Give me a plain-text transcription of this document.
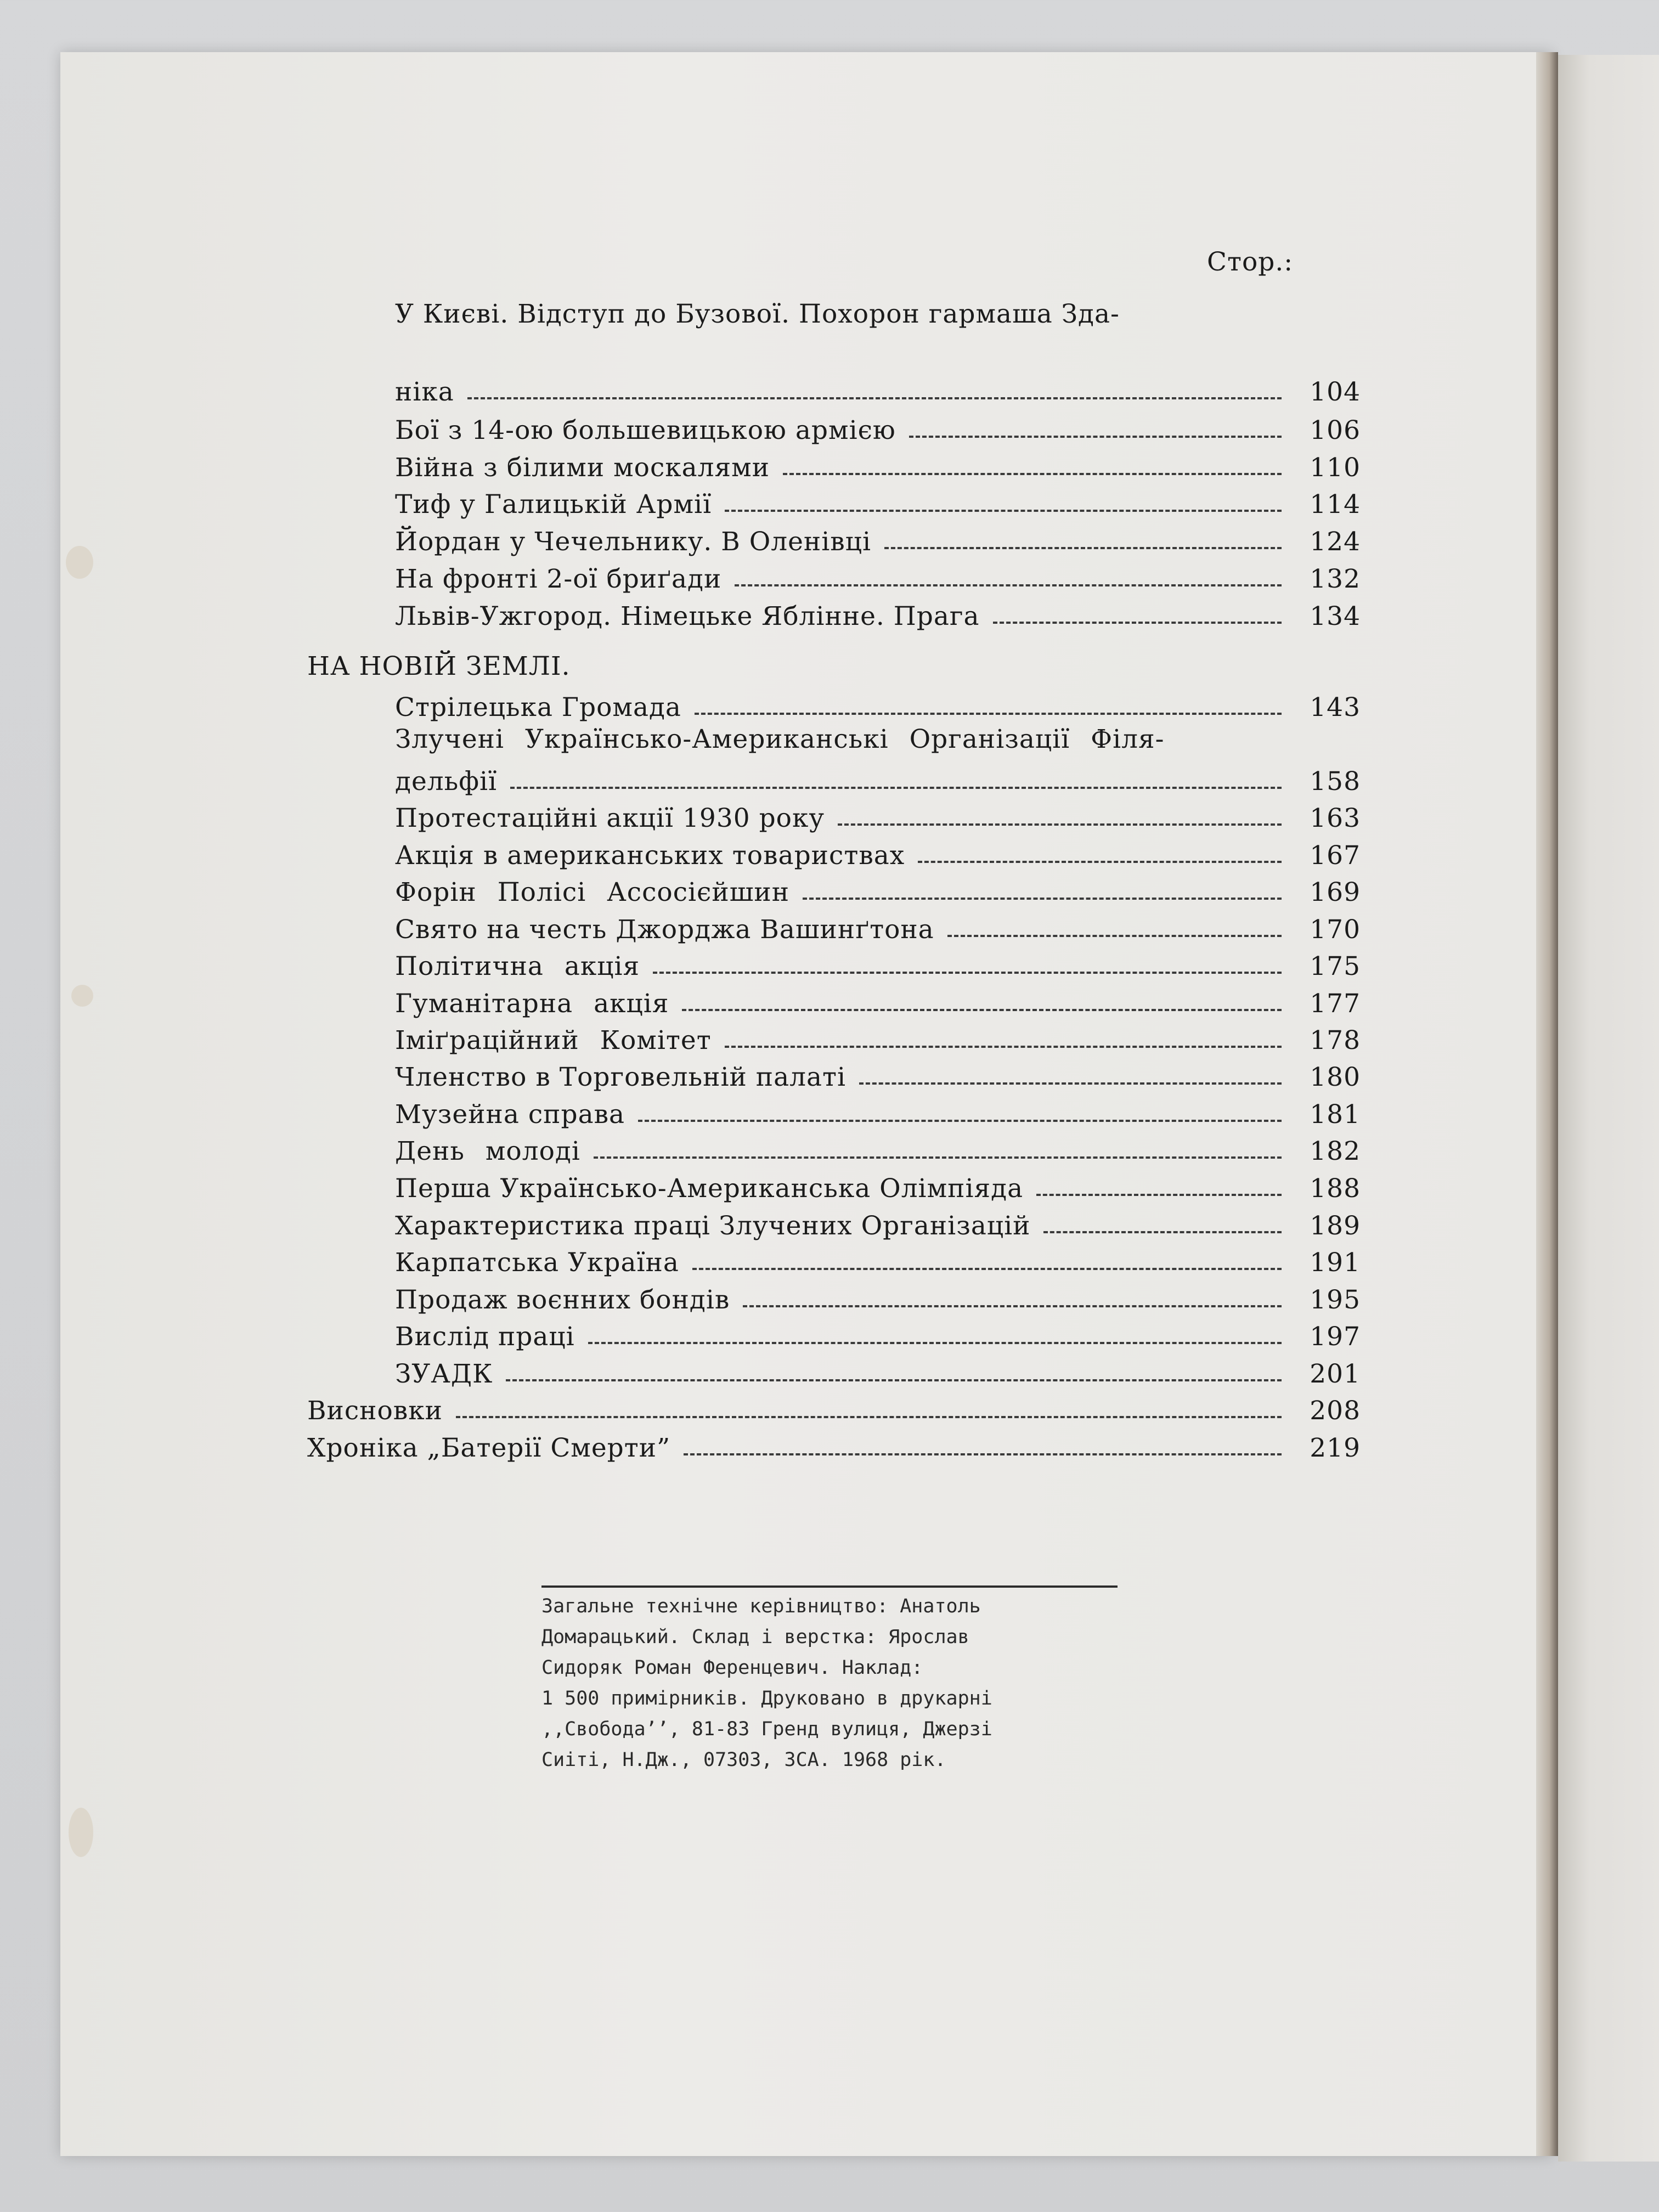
Стор.:
У Києві. Відступ до Бузової. Похорон гармаша Зда-
ніка	104
Бої з 14-ою большевицькою армією	106
Війна з білими москалями	110
Тиф у Галицькій Армії	114
Йордан у Чечельнику. В Оленівці	124
На фронті 2-ої бриґади	132
Львів-Ужгород. Німецьке Яблінне. Прага	134
НА НОВІЙ ЗЕМЛІ.
Стрілецька Громада	143
Злучені Українсько-Американські Організації Філя-
дельфії	158
Протестаційні акції 1930 року	163
Акція в американських товариствах	167
Форін Полісі Ассосієйшин	169
Свято на честь Джорджа Вашинґтона	170
Політична акція	175
Гуманітарна акція	177
Імiґраційний Комітет	178
Членство в Торговельній палаті	180
Музейна справа	181
День молоді	182
Перша Українсько-Американська Олімпіяда	188
Характеристика праці Злучених Організацій	189
Карпатська Україна	191
Продаж воєнних бондів	195
Вислід праці	197
ЗУАДК	201
Висновки	208
Хроніка „Батерії Смерти”	219
Загальне технічне керівництво: Анатоль
Домарацький. Склад і верстка: Ярослав
Сидоряк Роман Ференцевич. Наклад:
1 500 примірників. Друковано в друкарні
,,Свобода’’, 81-83 Гренд вулиця, Джерзі
Сиіті, Н.Дж., 07303, ЗСА. 1968 рік.
